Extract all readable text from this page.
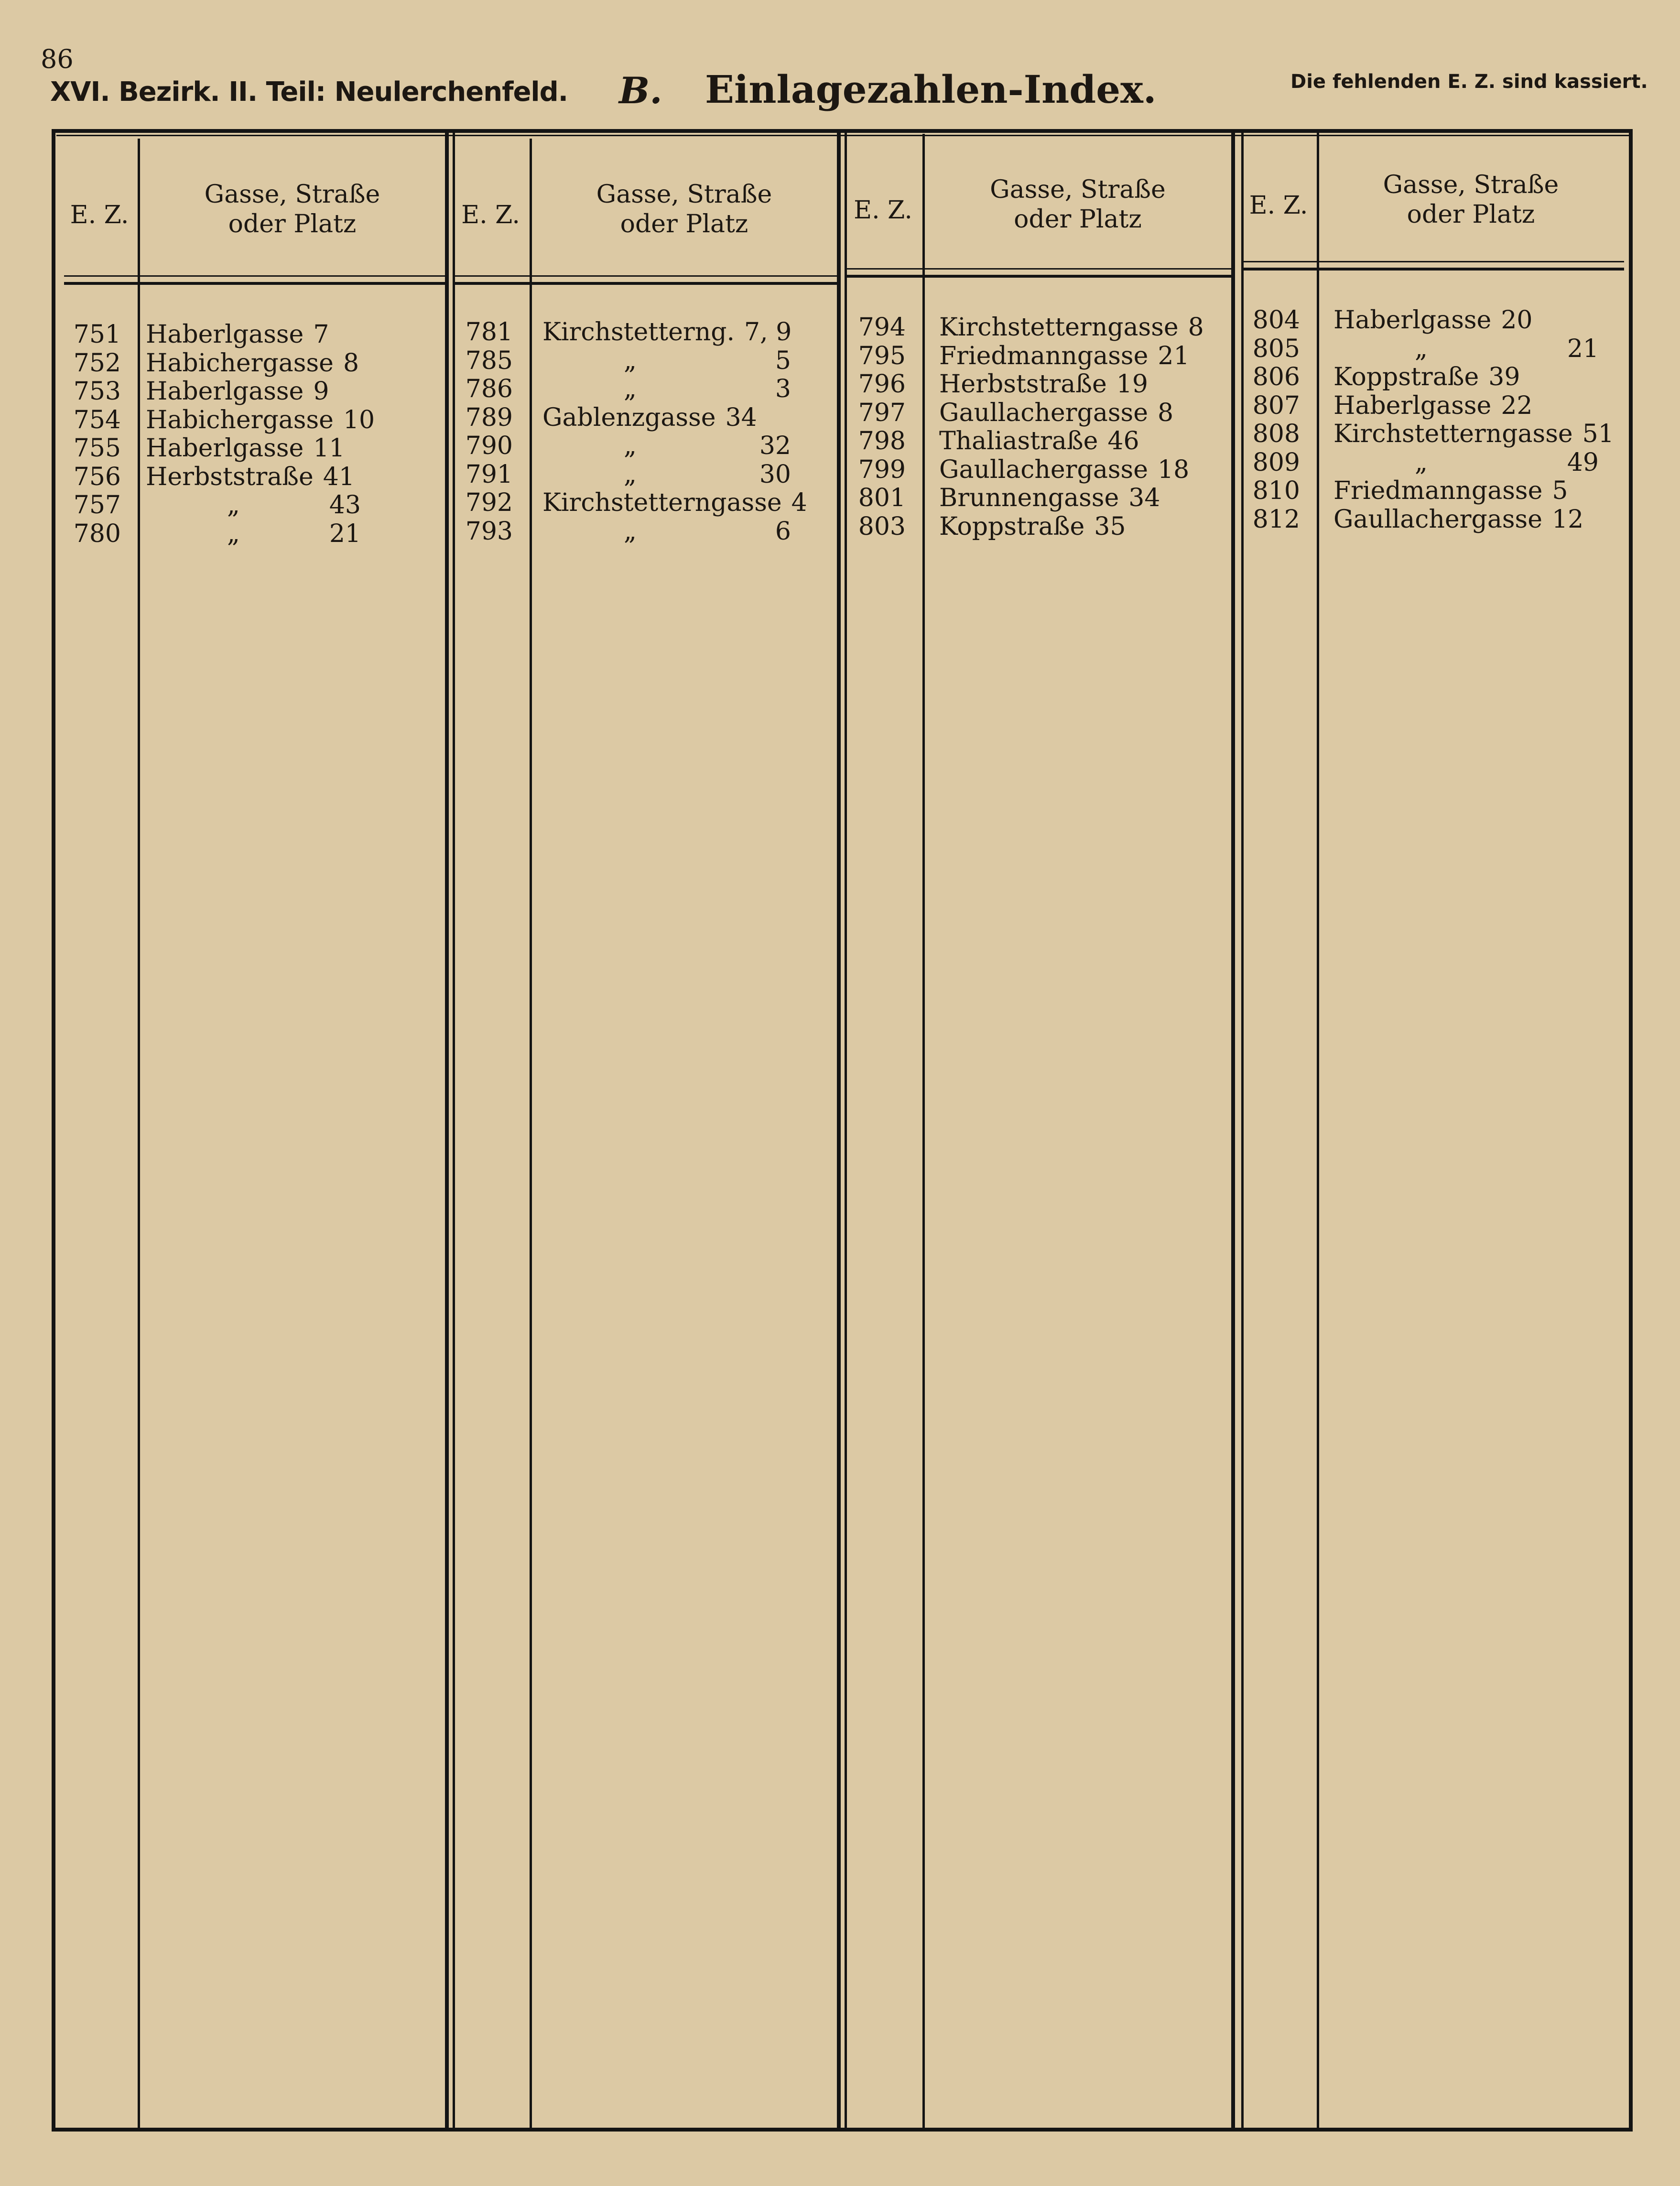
86
XVI. Bezirk. II. Teil: Neulerchenfeld. B. Einlagezahlen-Index.	Die fehlenden E. Z. sind kassiert.
E. Z.
Gasse, Straße
oder Platz
751 Haberlgasse 7
752 Habichergasse 8
753 Haberlgasse 9
754 Habichergasse 10
755 Haberlgasse 11
756 Herbststraße 41
757	„	43
780	„	21
E. Z.
Gasse, Straße
oder Platz
781 Kirchstetterng. 7, 9
785	„	5
786	„	3
789 Gablenzgasse 34
790	„	32
791	„	30
792 Kirchstetterngasse 4
793	„	6
E. Z.
Gasse, Straße
oder Platz
794 Kirchstetterngasse 8
795 Friedmanngasse 21
796 Herbststraße 19
797 Gaullachergasse 8
798 Thaliastraße 46
799 Gaullachergasse 18
801 Brunnengasse 34
803 Koppstraße 35
E. Z.
Gasse, Straße
oder Platz
804 Haberlgasse 20
805	„	21
806 Koppstraße 39
807 Haberlgasse 22
808 Kirchstetterngasse 51
809	„	49
810 Friedmanngasse 5
812 Gaullachergasse 12
